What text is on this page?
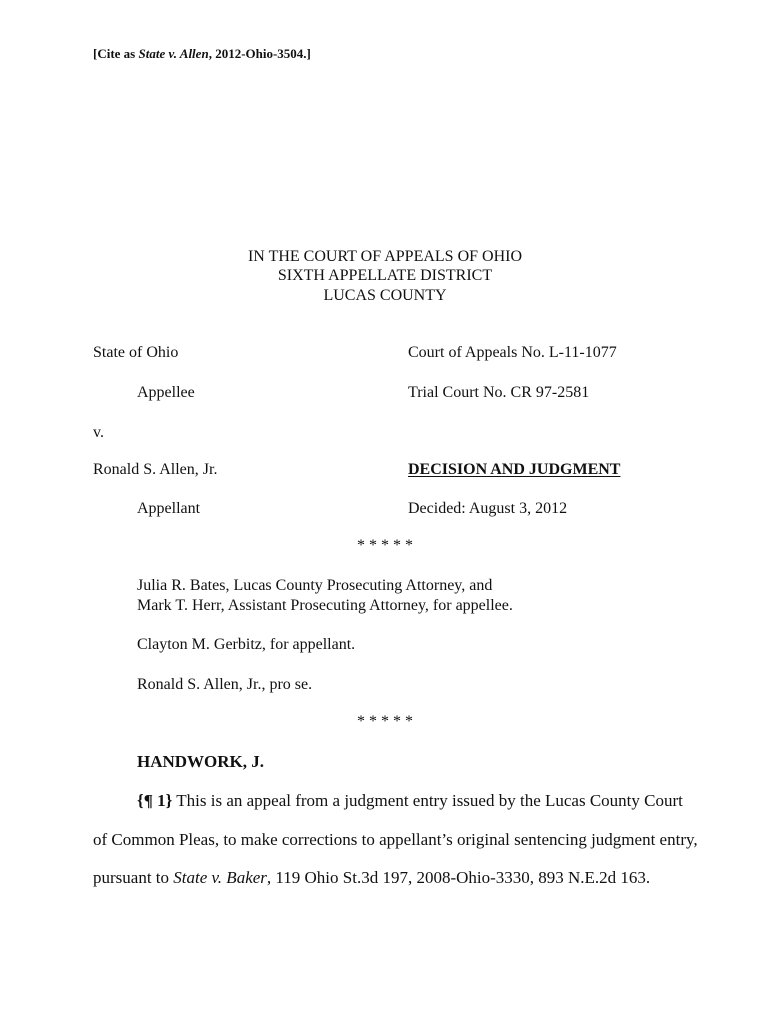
[Cite as State v. Allen, 2012-Ohio-3504.]
IN THE COURT OF APPEALS OF OHIO
SIXTH APPELLATE DISTRICT
LUCAS COUNTY
State of Ohio	Court of Appeals No. L-11-1077
Appellee	Trial Court No. CR 97-2581
v.
Ronald S. Allen, Jr.	DECISION AND JUDGMENT
Appellant	Decided: August 3, 2012
* * * * *
Julia R. Bates, Lucas County Prosecuting Attorney, and
Mark T. Herr, Assistant Prosecuting Attorney, for appellee.
Clayton M. Gerbitz, for appellant.
Ronald S. Allen, Jr., pro se.
* * * * *
HANDWORK, J.
{¶ 1} This is an appeal from a judgment entry issued by the Lucas County Court
of Common Pleas, to make corrections to appellant’s original sentencing judgment entry,
pursuant to State v. Baker, 119 Ohio St.3d 197, 2008-Ohio-3330, 893 N.E.2d 163.
